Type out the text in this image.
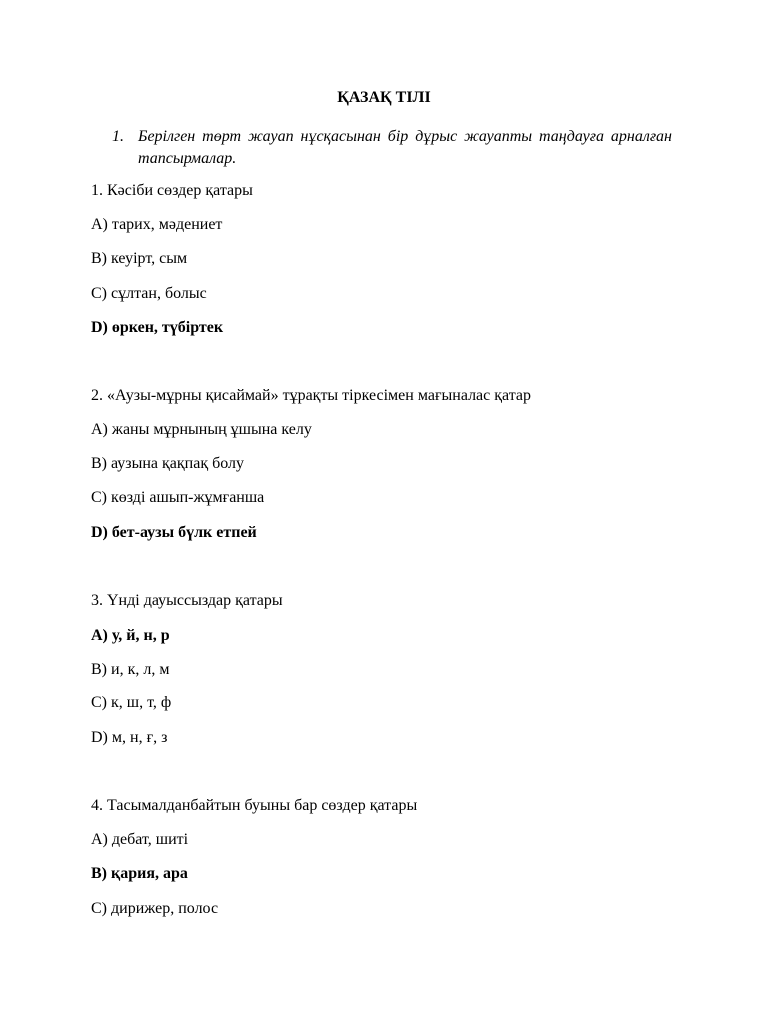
ҚАЗАҚ ТІЛІ
1. Берілген төрт жауап нұсқасынан бір дұрыс жауапты таңдауға арналған тапсырмалар.
1. Кәсіби сөздер қатары
A) тарих, мәдениет
B) кеуірт, сым
C) сұлтан, болыс
D) өркен, түбіртек
2. «Аузы-мұрны қисаймай» тұрақты тіркесімен мағыналас қатар
A) жаны мұрнының ұшына келу
B) аузына қақпақ болу
C) көзді ашып-жұмғанша
D) бет-аузы бүлк етпей
3. Үнді дауыссыздар қатары
A) у, й, н, р
B) и, к, л, м
C) к, ш, т, ф
D) м, н, ғ, з
4. Тасымалданбайтын буыны бар сөздер қатары
A) дебат, шиті
B) қария, ара
C) дирижер, полос
